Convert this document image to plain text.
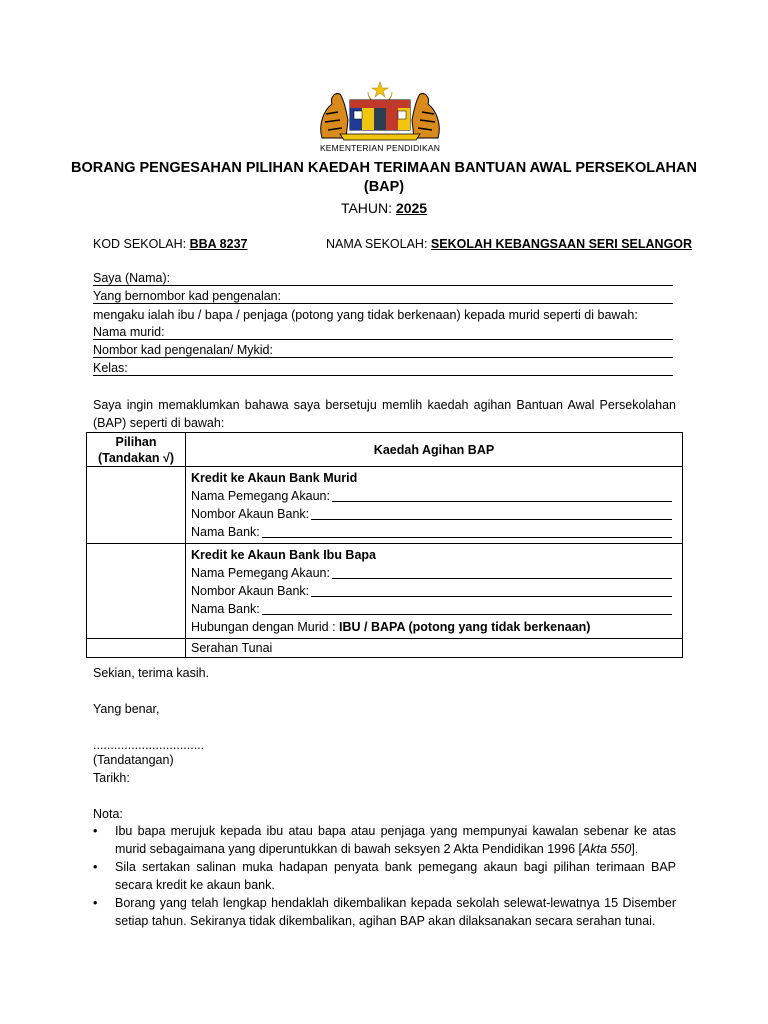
KEMENTERIAN PENDIDIKAN
BORANG PENGESAHAN PILIHAN KAEDAH TERIMAAN BANTUAN AWAL PERSEKOLAHAN
(BAP)
TAHUN: 2025
KOD SEKOLAH: BBA 8237	NAMA SEKOLAH: SEKOLAH KEBANGSAAN SERI SELANGOR
Saya (Nama):
Yang bernombor kad pengenalan:
mengaku ialah ibu / bapa / penjaga (potong yang tidak berkenaan) kepada murid seperti di bawah:
Nama murid:
Nombor kad pengenalan/ Mykid:
Kelas:
Saya ingin memaklumkan bahawa saya bersetuju memlih kaedah agihan Bantuan Awal Persekolahan (BAP) seperti di bawah:
Pilihan
(Tandakan √)	Kaedah Agihan BAP

	Kredit ke Akaun Bank Murid
Nama Pemegang Akaun:
Nombor Akaun Bank:
Nama Bank:

	Kredit ke Akaun Bank Ibu Bapa
Nama Pemegang Akaun:
Nombor Akaun Bank:
Nama Bank:
Hubungan dengan Murid : IBU / BAPA (potong yang tidak berkenaan)

	Serahan Tunai
Sekian, terima kasih.
Yang benar,
................................
(Tandatangan)
Tarikh:
Nota:
• Ibu bapa merujuk kepada ibu atau bapa atau penjaga yang mempunyai kawalan sebenar ke atas murid sebagaimana yang diperuntukkan di bawah seksyen 2 Akta Pendidikan 1996 [Akta 550].
• Sila sertakan salinan muka hadapan penyata bank pemegang akaun bagi pilihan terimaan BAP secara kredit ke akaun bank.
• Borang yang telah lengkap hendaklah dikembalikan kepada sekolah selewat-lewatnya 15 Disember setiap tahun. Sekiranya tidak dikembalikan, agihan BAP akan dilaksanakan secara serahan tunai.
